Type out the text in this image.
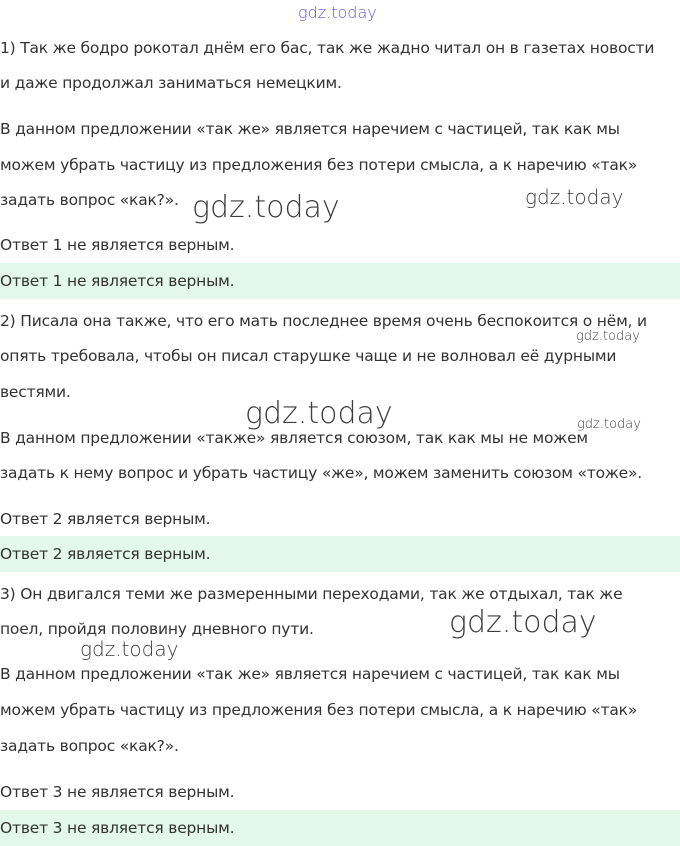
gdz.today
gdz.today	gdz.today
gdz.today
gdz.today	gdz.today
gdz.today
gdz.today
1) Так же бодро рокотал днём его бас, так же жадно читал он в газетах новости
и даже продолжал заниматься немецким.
В данном предложении «так же» является наречием с частицей, так как мы
можем убрать частицу из предложения без потери смысла, а к наречию «так»
задать вопрос «как?».
Ответ 1 не является верным.
Ответ 1 не является верным.
2) Писала она также, что его мать последнее время очень беспокоится о нём, и
опять требовала, чтобы он писал старушке чаще и не волновал её дурными
вестями.
В данном предложении «также» является союзом, так как мы не можем
задать к нему вопрос и убрать частицу «же», можем заменить союзом «тоже».
Ответ 2 является верным.
Ответ 2 является верным.
3) Он двигался теми же размеренными переходами, так же отдыхал, так же
поел, пройдя половину дневного пути.
В данном предложении «так же» является наречием с частицей, так как мы
можем убрать частицу из предложения без потери смысла, а к наречию «так»
задать вопрос «как?».
Ответ 3 не является верным.
Ответ 3 не является верным.
